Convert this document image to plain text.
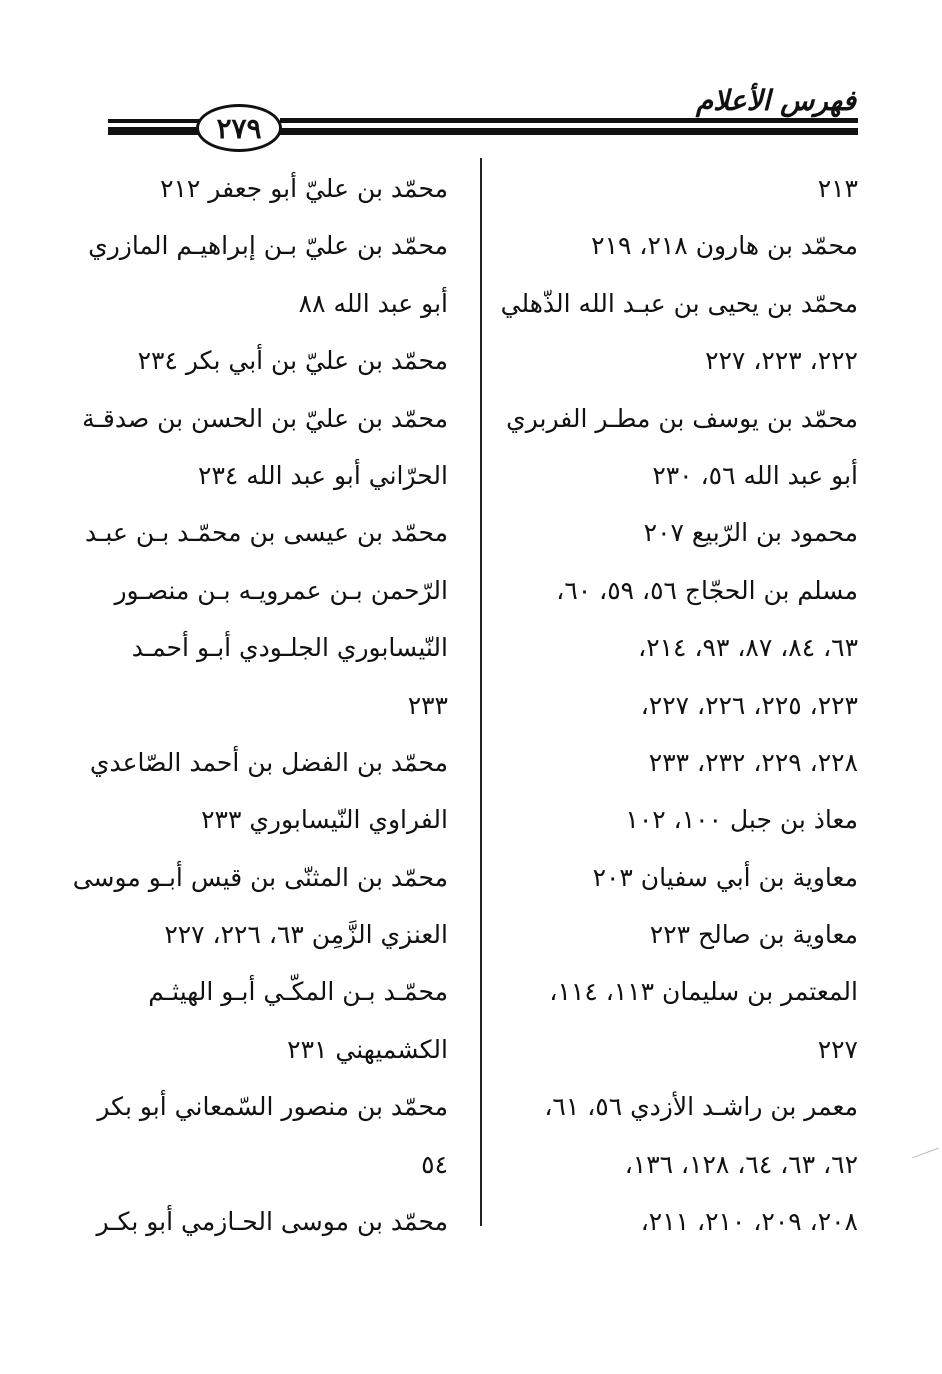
فهرس الأعلام
٢٧٩
٢١٣
محمّد بن هارون ٢١٨، ٢١٩
محمّد بن يحيى بن عبـد الله الذّهلي
٢٢٢، ٢٢٣، ٢٢٧
محمّد بن يوسف بن مطـر الفربري
أبو عبد الله ٥٦، ٢٣٠
محمود بن الرّبيع ٢٠٧
مسلم بن الحجّاج ٥٦، ٥٩، ٦٠،
٦٣، ٨٤، ٨٧، ٩٣، ٢١٤،
٢٢٣، ٢٢٥، ٢٢٦، ٢٢٧،
٢٢٨، ٢٢٩، ٢٣٢، ٢٣٣
معاذ بن جبل ١٠٠، ١٠٢
معاوية بن أبي سفيان ٢٠٣
معاوية بن صالح ٢٢٣
المعتمر بن سليمان ١١٣، ١١٤،
٢٢٧
معمر بن راشـد الأزدي ٥٦، ٦١،
٦٢، ٦٣، ٦٤، ١٢٨، ١٣٦،
٢٠٨، ٢٠٩، ٢١٠، ٢١١،
محمّد بن عليّ أبو جعفر ٢١٢
محمّد بن عليّ بـن إبراهيـم المازري
أبو عبد الله ٨٨
محمّد بن عليّ بن أبي بكر ٢٣٤
محمّد بن عليّ بن الحسن بن صدقـة
الحرّاني أبو عبد الله ٢٣٤
محمّد بن عيسى بن محمّـد بـن عبـد
الرّحمن بـن عمرويـه بـن منصـور
النّيسابوري الجلـودي أبـو أحمـد
٢٣٣
محمّد بن الفضل بن أحمد الصّاعدي
الفراوي النّيسابوري ٢٣٣
محمّد بن المثنّى بن قيس أبـو موسى
العنزي الزَّمِن ٦٣، ٢٢٦، ٢٢٧
محمّـد بـن المكّـي أبـو الهيثـم
الكشميهني ٢٣١
محمّد بن منصور السّمعاني أبو بكر
٥٤
محمّد بن موسى الحـازمي أبو بكـر
